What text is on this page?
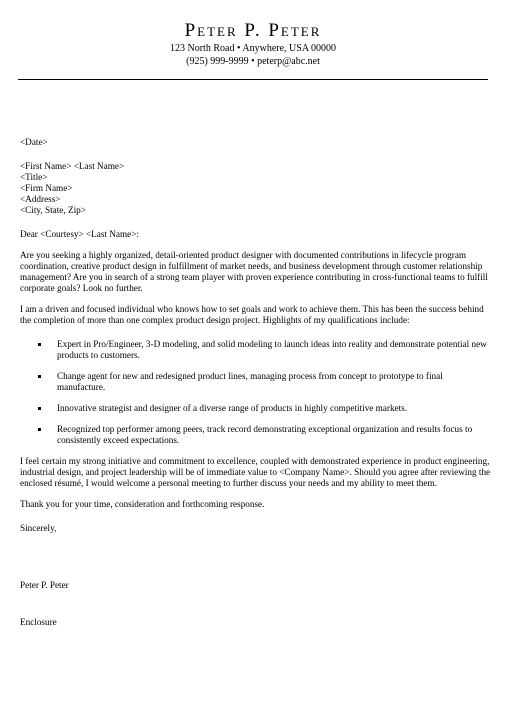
Peter P. Peter
123 North Road • Anywhere, USA 00000
(925) 999-9999 • peterp@abc.net

<Date>

<First Name> <Last Name>

<Title>

<Firm Name>

<Address>

<City, State, Zip>

Dear <Courtesy> <Last Name>:

Are you seeking a highly organized, detail-oriented product designer with documented contributions in lifecycle program coordination, creative product design in fulfillment of market needs, and business development through customer relationship management? Are you in search of a strong team player with proven experience contributing in cross-functional teams to fulfill corporate goals? Look no further.

I am a driven and focused individual who knows how to set goals and work to achieve them. This has been the success behind the completion of more than one complex product design project. Highlights of my qualifications include:

Expert in Pro/Engineer, 3-D modeling, and solid modeling to launch ideas into reality and demonstrate potential new products to customers.
Change agent for new and redesigned product lines, managing process from concept to prototype to final manufacture.
Innovative strategist and designer of a diverse range of products in highly competitive markets.
Recognized top performer among peers, track record demonstrating exceptional organization and results focus to consistently exceed expectations.

I feel certain my strong initiative and commitment to excellence, coupled with demonstrated experience in product engineering, industrial design, and project leadership will be of immediate value to <Company Name>. Should you agree after reviewing the enclosed résumé, I would welcome a personal meeting to further discuss your needs and my ability to meet them.

Thank you for your time, consideration and forthcoming response.

Sincerely,

Peter P. Peter

Enclosure
